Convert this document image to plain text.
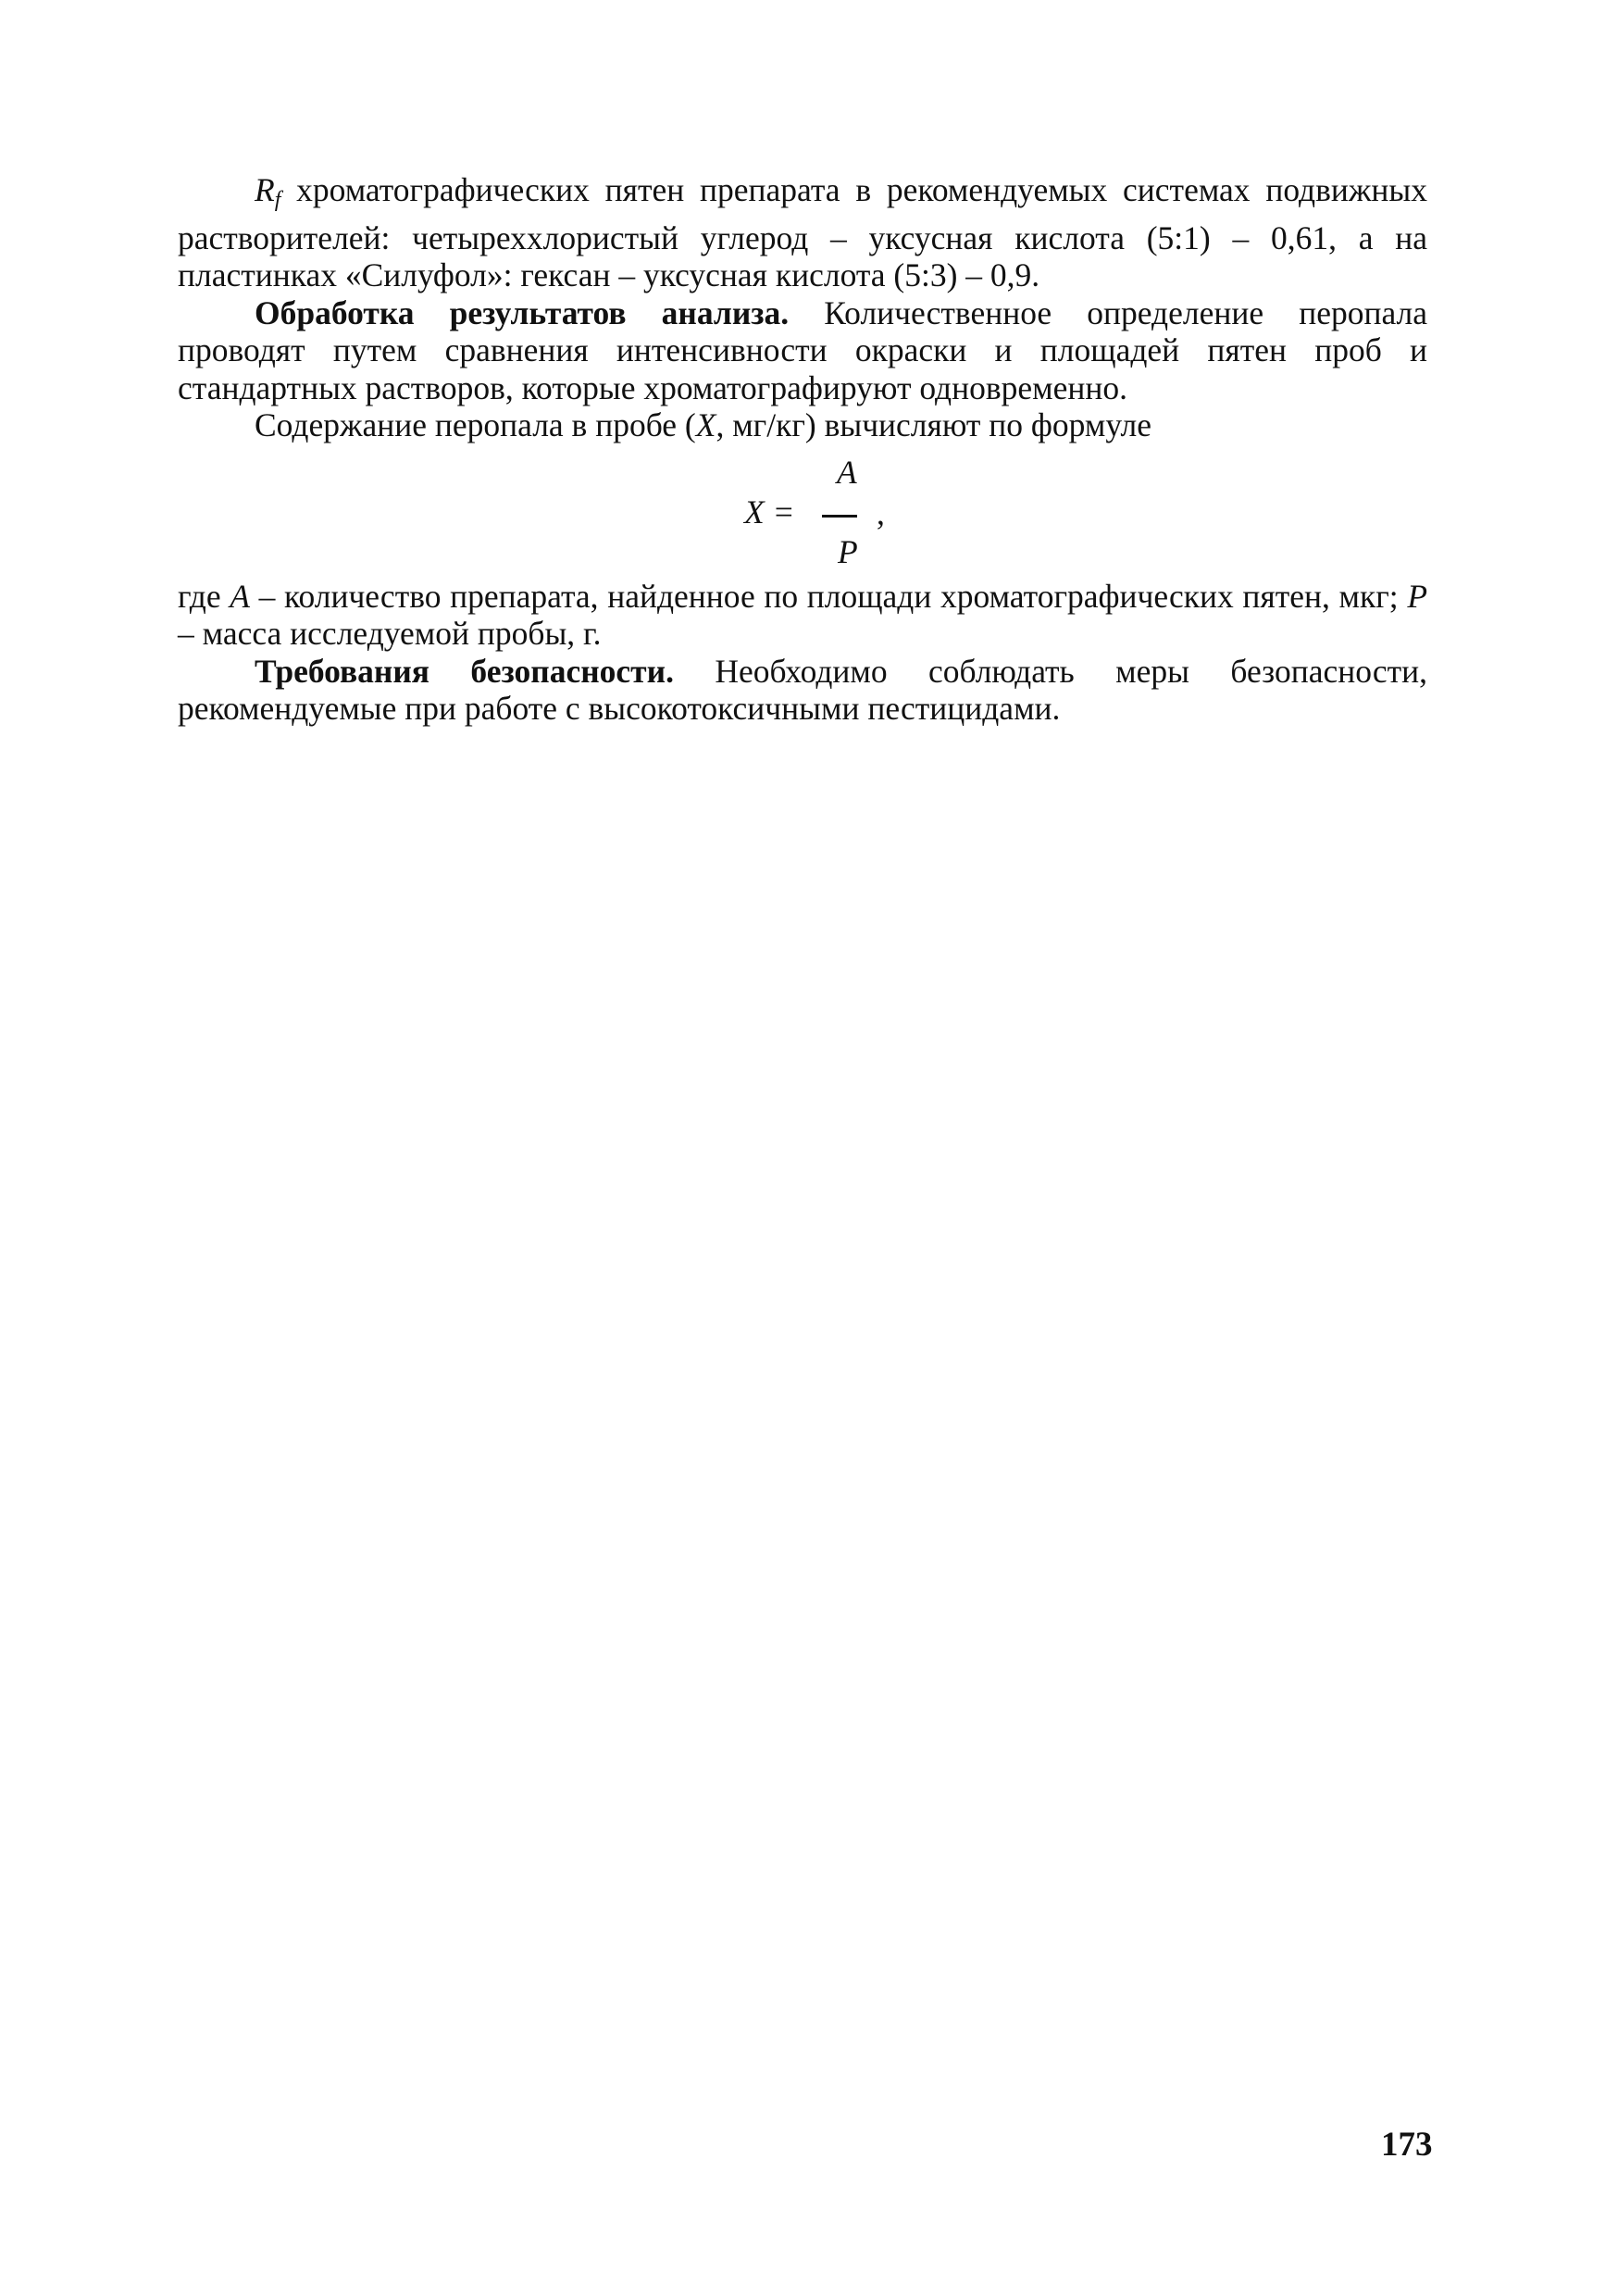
$R_f$ хроматографических пятен препарата в рекомендуемых системах подвижных растворителей: четыреххлористый углерод – уксусная кислота (5:1) – 0,61, а на пластинках «Силуфол»: гексан – уксусная кислота (5:3) – 0,9.

Обработка результатов анализа. Количественное определение перопала проводят путем сравнения интенсивности окраски и площадей пятен проб и стандартных растворов, которые хроматографируют одновременно.

Содержание перопала в пробе (X, мг/кг) вычисляют по формуле

X =
A
,
P

где A – количество препарата, найденное по площади хроматографических пятен, мкг; P – масса исследуемой пробы, г.

Требования безопасности. Необходимо соблюдать меры безопасности, рекомендуемые при работе с высокотоксичными пестицидами.

173
